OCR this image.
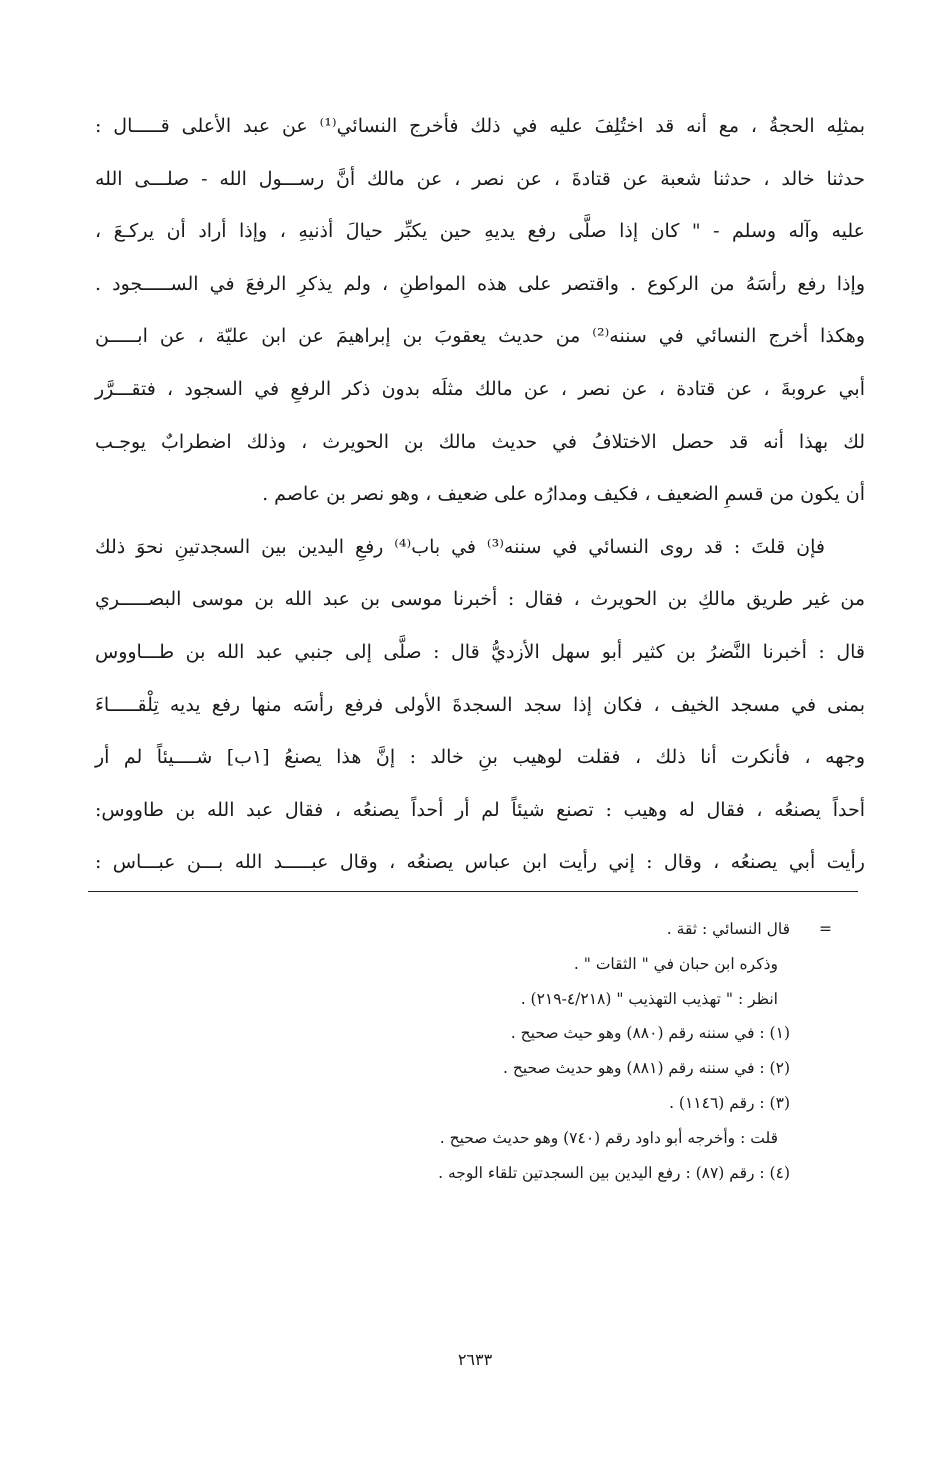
بمثلِه الحجةُ ، مع أنه قد اختُلِفَ عليه في ذلك فأخرج النسائي⁽¹⁾ عن عبد الأعلى قـــــال :
حدثنا خالد ، حدثنا شعبة عن قتادةَ ، عن نصر ، عن مالك أنَّ رســـول الله - صلـــى الله
عليه وآله وسلم - " كان إذا صلَّى رفع يديهِ حين يكبِّر حيالَ أذنيهِ ، وإذا أراد أن يركـعَ ،
وإذا رفع رأسَهُ من الركوع . واقتصر على هذه المواطنِ ، ولم يذكرِ الرفعَ في الســـــجود .
وهكذا أخرج النسائي في سننه⁽²⁾ من حديث يعقوبَ بن إبراهيمَ عن ابن عليّة ، عن ابـــــن
أبي عروبةَ ، عن قتادة ، عن نصر ، عن مالك مثلَه بدون ذكر الرفعِ في السجود ، فتقـــرَّر
لك بهذا أنه قد حصل الاختلافُ في حديث مالك بن الحويرث ، وذلك اضطرابٌ يوجـب
أن يكون من قسمِ الضعيف ، فكيف ومدارُه على ضعيف ، وهو نصر بن عاصم .
فإن قلتَ : قد روى النسائي في سننه⁽³⁾ في باب⁽⁴⁾ رفعِ اليدين بين السجدتينِ نحوَ ذلك
من غير طريق مالكِ بن الحويرث ، فقال : أخبرنا موسى بن عبد الله بن موسى البصـــــري
قال : أخبرنا النَّضرُ بن كثير أبو سهل الأزديُّ قال : صلَّى إلى جنبي عبد الله بن طـــاووس
بمنى في مسجد الخيف ، فكان إذا سجد السجدةَ الأولى فرفع رأسَه منها رفع يديه تِلْقـــــاءَ
وجهه ، فأنكرت أنا ذلك ، فقلت لوهيب بنِ خالد : إنَّ هذا يصنعُ [١ب] شــــيئاً لم أر
أحداً يصنعُه ، فقال له وهيب : تصنع شيئاً لم أر أحداً يصنعُه ، فقال عبد الله بن طاووس:
رأيت أبي يصنعُه ، وقال : إني رأيت ابن عباس يصنعُه ، وقال عبـــــد الله بـــن عبـــاس :
=
قال النسائي : ثقة .
وذكره ابن حبان في " الثقات " .
انظر : " تهذيب التهذيب " (٤/٢١٨-٢١٩) .
(١) : في سننه رقم (٨٨٠) وهو حيث صحيح .
(٢) : في سننه رقم (٨٨١) وهو حديث صحيح .
(٣) : رقم (١١٤٦) .
قلت : وأخرجه أبو داود رقم (٧٤٠) وهو حديث صحيح .
(٤) : رقم (٨٧) : رفع اليدين بين السجدتين تلقاء الوجه .
٢٦٣٣
